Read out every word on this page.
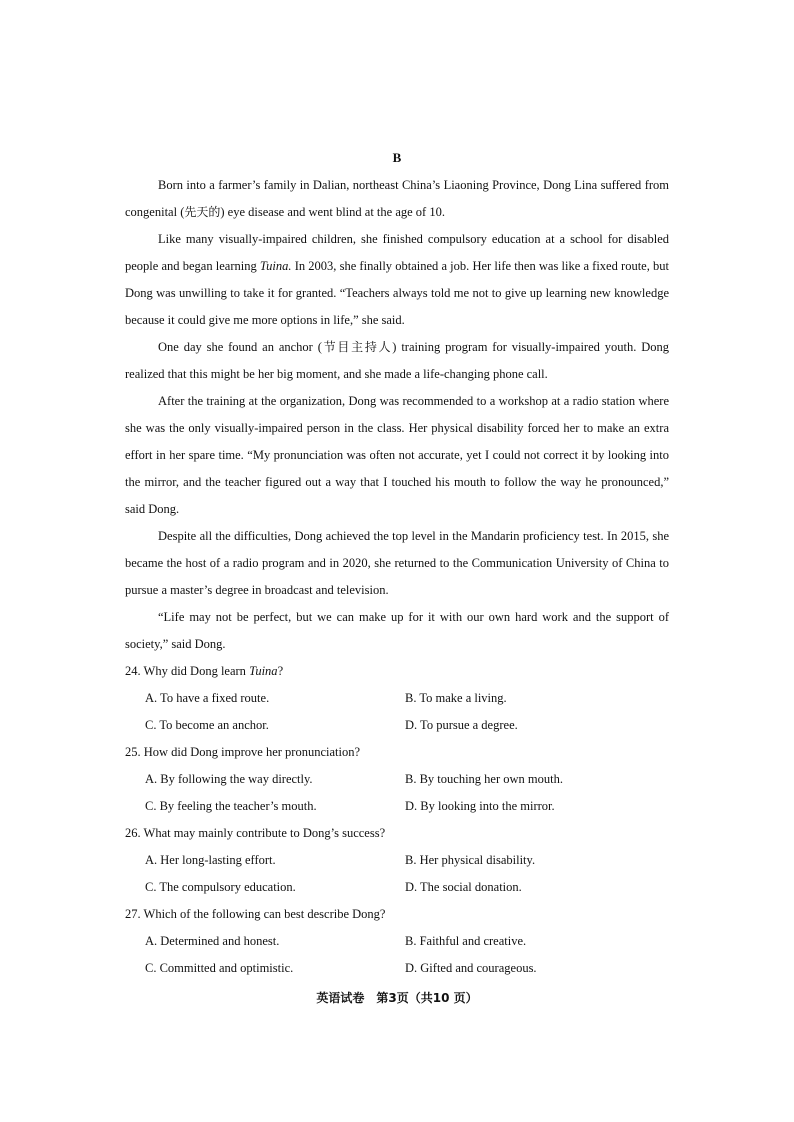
B

Born into a farmer’s family in Dalian, northeast China’s Liaoning Province, Dong Lina suffered from congenital (先天的) eye disease and went blind at the age of 10.

Like many visually-impaired children, she finished compulsory education at a school for disabled people and began learning Tuina. In 2003, she finally obtained a job. Her life then was like a fixed route, but Dong was unwilling to take it for granted. “Teachers always told me not to give up learning new knowledge because it could give me more options in life,” she said.

One day she found an anchor (节目主持人) training program for visually-impaired youth. Dong realized that this might be her big moment, and she made a life-changing phone call.

After the training at the organization, Dong was recommended to a workshop at a radio station where she was the only visually-impaired person in the class. Her physical disability forced her to make an extra effort in her spare time. “My pronunciation was often not accurate, yet I could not correct it by looking into the mirror, and the teacher figured out a way that I touched his mouth to follow the way he pronounced,” said Dong.

Despite all the difficulties, Dong achieved the top level in the Mandarin proficiency test. In 2015, she became the host of a radio program and in 2020, she returned to the Communication University of China to pursue a master’s degree in broadcast and television.

“Life may not be perfect, but we can make up for it with our own hard work and the support of society,” said Dong.

24. Why did Dong learn Tuina?
A. To have a fixed route.	B. To make a living.
C. To become an anchor.	D. To pursue a degree.
25. How did Dong improve her pronunciation?
A. By following the way directly.	B. By touching her own mouth.
C. By feeling the teacher’s mouth.	D. By looking into the mirror.
26. What may mainly contribute to Dong’s success?
A. Her long-lasting effort.	B. Her physical disability.
C. The compulsory education.	D. The social donation.
27. Which of the following can best describe Dong?
A. Determined and honest.	B. Faithful and creative.
C. Committed and optimistic.	D. Gifted and courageous.
英语试卷　第3页（共10 页）
